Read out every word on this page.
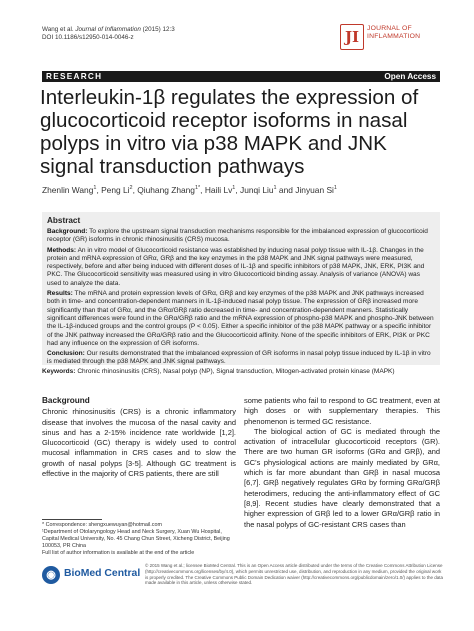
Wang et al. Journal of Inflammation (2015) 12:3
DOI 10.1186/s12950-014-0046-z	JI	JOURNAL OF
INFLAMMATION
RESEARCH	Open Access
Interleukin-1β regulates the expression of glucocorticoid receptor isoforms in nasal polyps in vitro via p38 MAPK and JNK signal transduction pathways
Zhenlin Wang$^1$, Peng Li$^2$, Qiuhang Zhang$^{1*}$, Haili Lv$^1$, Junqi Liu$^1$ and Jinyuan Si$^1$
Abstract

Background: To explore the upstream signal transduction mechanisms responsible for the imbalanced expression of glucocorticoid receptor (GR) isoforms in chronic rhinosinusitis (CRS) mucosa.

Methods: An in vitro model of Glucocorticoid resistance was established by inducing nasal polyp tissue with IL-1β. Changes in the protein and mRNA expression of GRα, GRβ and the key enzymes in the p38 MAPK and JNK signal pathways were measured, respectively, before and after being induced with different doses of IL-1β and specific inhibitors of p38 MAPK, JNK, ERK, PI3K and PKC. The Glucocorticoid sensitivity was measured using in vitro Glucocorticoid binding assay. Analysis of variance (ANOVA) was used to analyze the data.

Results: The mRNA and protein expression levels of GRα, GRβ and key enzymes of the p38 MAPK and JNK pathways increased both in time- and concentration-dependent manners in IL-1β-induced nasal polyp tissue. The expression of GRβ increased more significantly than that of GRα, and the GRα/GRβ ratio decreased in time- and concentration-dependent manners. Statistically significant differences were found in the GRα/GRβ ratio and the mRNA expression of phospho-p38 MAPK and phospho-JNK between the IL-1β-induced groups and the control groups (P < 0.05). Either a specific inhibitor of the p38 MAPK pathway or a specific inhibitor of the JNK pathway increased the GRα/GRβ ratio and the Glucocorticoid affinity. None of the specific inhibitors of ERK, PI3K or PKC had any influence on the expression of GR isoforms.

Conclusion: Our results demonstrated that the imbalanced expression of GR isoforms in nasal polyp tissue induced by IL-1β in vitro is mediated through the p38 MAPK and JNK signal pathways.

Keywords: Chronic rhinosinusitis (CRS), Nasal polyp (NP), Signal transduction, Mitogen-activated protein kinase (MAPK)
Background

Chronic rhinosinusitis (CRS) is a chronic inflammatory disease that involves the mucosa of the nasal cavity and sinus and has a 2-15% incidence rate worldwide [1,2]. Glucocorticoid (GC) therapy is widely used to control mucosal inflammation in CRS cases and to slow the growth of nasal polyps [3-5]. Although GC treatment is effective in the majority of CRS patients, there are still

some patients who fail to respond to GC treatment, even at high doses or with supplementary therapies. This phenomenon is termed GC resistance.

The biological action of GC is mediated through the activation of intracellular glucocorticoid receptors (GR). There are two human GR isoforms (GRα and GRβ), and GC's physiological actions are mainly mediated by GRα, which is far more abundant than GRβ in nasal mucosa [6,7]. GRβ negatively regulates GRα by forming GRα/GRβ heterodimers, reducing the anti-inflammatory effect of GC [8,9]. Recent studies have clearly demonstrated that a higher expression of GRβ led to a lower GRα/GRβ ratio in the nasal polyps of GC-resistant CRS cases than

* Correspondence: shengxuewuyan@hotmail.com
¹Department of Otolaryngology Head and Neck Surgery, Xuan Wu Hospital, Capital Medical University, No. 45 Chang Chun Street, Xicheng District, Beijing 100053, PR China
Full list of author information is available at the end of the article
◉ BioMed Central
© 2015 Wang et al.; licensee BioMed Central. This is an Open Access article distributed under the terms of the Creative Commons Attribution License (http://creativecommons.org/licenses/by/4.0), which permits unrestricted use, distribution, and reproduction in any medium, provided the original work is properly credited. The Creative Commons Public Domain Dedication waiver (http://creativecommons.org/publicdomain/zero/1.0/) applies to the data made available in this article, unless otherwise stated.
